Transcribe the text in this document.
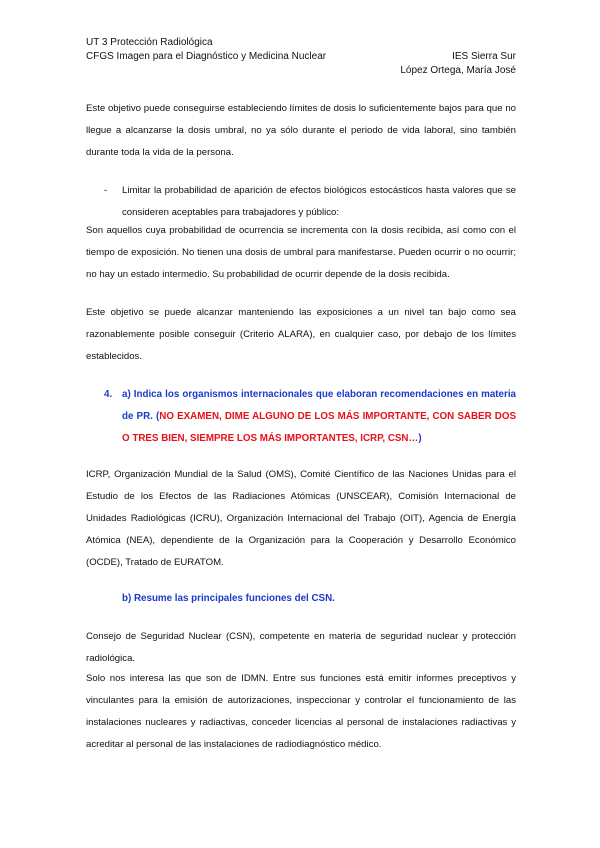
UT 3 Protección Radiológica
CFGS Imagen para el Diagnóstico y Medicina Nuclear	IES Sierra Sur
López Ortega, María José
Este objetivo puede conseguirse estableciendo límites de dosis lo suficientemente bajos para que no llegue a alcanzarse la dosis umbral, no ya sólo durante el periodo de vida laboral, sino también durante toda la vida de la persona.
- Limitar la probabilidad de aparición de efectos biológicos estocásticos hasta valores que se consideren aceptables para trabajadores y público:
Son aquellos cuya probabilidad de ocurrencia se incrementa con la dosis recibida, así como con el tiempo de exposición. No tienen una dosis de umbral para manifestarse. Pueden ocurrir o no ocurrir; no hay un estado intermedio. Su probabilidad de ocurrir depende de la dosis recibida.
Este objetivo se puede alcanzar manteniendo las exposiciones a un nivel tan bajo como sea razonablemente posible conseguir (Criterio ALARA), en cualquier caso, por debajo de los límites establecidos.
4. a) Indica los organismos internacionales que elaboran recomendaciones en materia de PR. (NO EXAMEN, DIME ALGUNO DE LOS MÁS IMPORTANTE, CON SABER DOS O TRES BIEN, SIEMPRE LOS MÁS IMPORTANTES, ICRP, CSN…)
ICRP, Organización Mundial de la Salud (OMS), Comité Científico de las Naciones Unidas para el Estudio de los Efectos de las Radiaciones Atómicas (UNSCEAR), Comisión Internacional de Unidades Radiológicas (ICRU), Organización Internacional del Trabajo (OIT), Agencia de Energía Atómica (NEA), dependiente de la Organización para la Cooperación y Desarrollo Económico (OCDE), Tratado de EURATOM.
b) Resume las principales funciones del CSN.
Consejo de Seguridad Nuclear (CSN), competente en materia de seguridad nuclear y protección radiológica.
Solo nos interesa las que son de IDMN. Entre sus funciones está emitir informes preceptivos y vinculantes para la emisión de autorizaciones, inspeccionar y controlar el funcionamiento de las instalaciones nucleares y radiactivas, conceder licencias al personal de instalaciones radiactivas y acreditar al personal de las instalaciones de radiodiagnóstico médico.
